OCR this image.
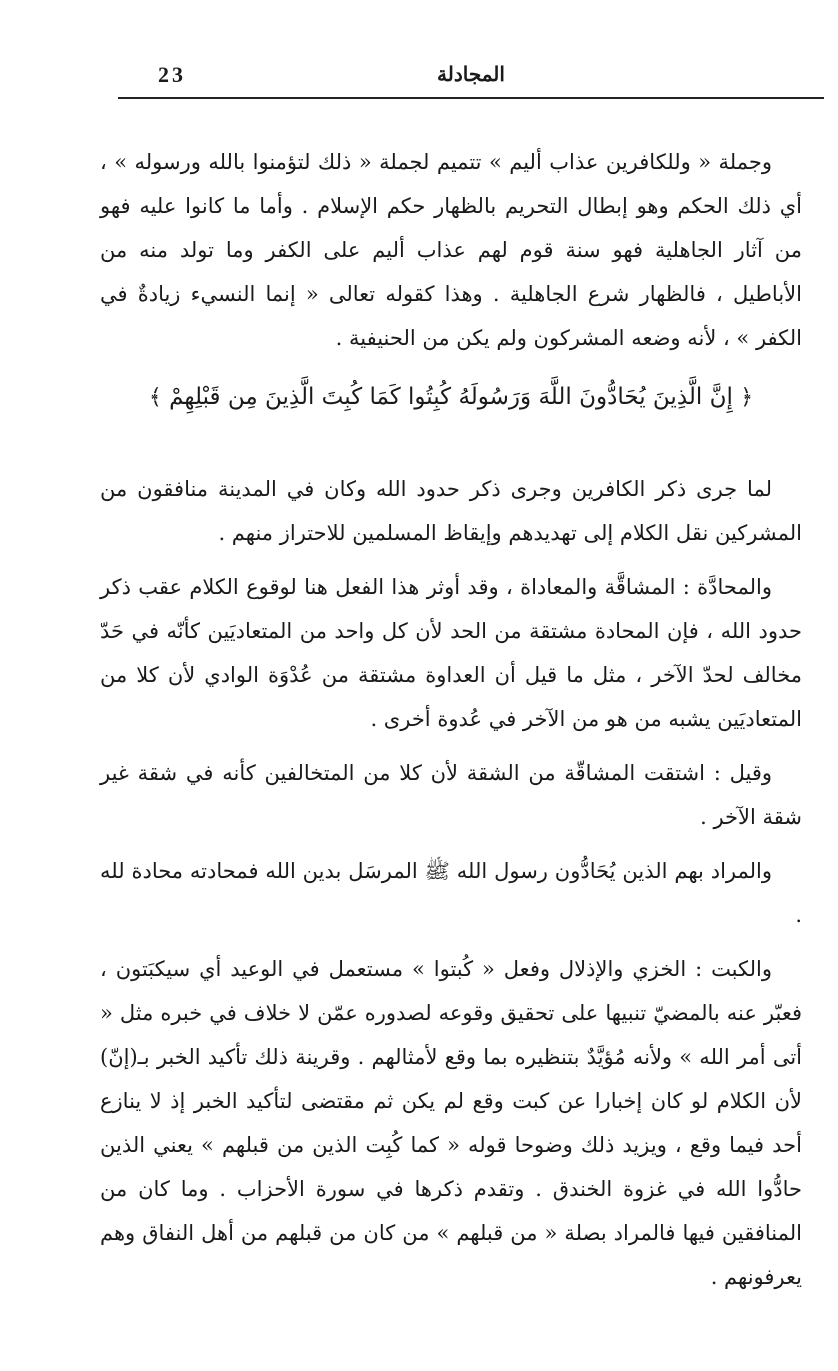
23	المجادلة

وجملة « وللكافرين عذاب أليم » تتميم لجملة « ذلك لتؤمنوا بالله ورسوله » ، أي ذلك الحكم وهو إبطال التحريم بالظهار حكم الإسلام . وأما ما كانوا عليه فهو من آثار الجاهلية فهو سنة قوم لهم عذاب أليم على الكفر وما تولد منه من الأباطيل ، فالظهار شرع الجاهلية . وهذا كقوله تعالى « إنما النسيء زيادةٌ في الكفر » ، لأنه وضعه المشركون ولم يكن من الحنيفية .

﴿ إِنَّ الَّذِينَ يُحَادُّونَ اللَّهَ وَرَسُولَهُ كُبِتُوا كَمَا كُبِتَ الَّذِينَ مِن قَبْلِهِمْ ﴾

لما جرى ذكر الكافرين وجرى ذكر حدود الله وكان في المدينة منافقون من المشركين نقل الكلام إلى تهديدهم وإيقاظ المسلمين للاحتراز منهم .

والمحادَّة : المشاقَّة والمعاداة ، وقد أوثر هذا الفعل هنا لوقوع الكلام عقب ذكر حدود الله ، فإن المحادة مشتقة من الحد لأن كل واحد من المتعاديَين كأنّه في حَدّ مخالف لحدّ الآخر ، مثل ما قيل أن العداوة مشتقة من عُدْوَة الوادي لأن كلا من المتعاديَين يشبه من هو من الآخر في عُدوة أخرى .

وقيل : اشتقت المشاقّة من الشقة لأن كلا من المتخالفين كأنه في شقة غير شقة الآخر .

والمراد بهم الذين يُحَادُّون رسول الله ﷺ المرسَل بدين الله فمحادته محادة لله .

والكبت : الخزي والإذلال وفعل « كُبتوا » مستعمل في الوعيد أي سيكبَتون ، فعبّر عنه بالمضيّ تنبيها على تحقيق وقوعه لصدوره عمّن لا خلاف في خبره مثل « أتى أمر الله » ولأنه مُؤيَّدٌ بتنظيره بما وقع لأمثالهم . وقرينة ذلك تأكيد الخبر بـ(إنّ) لأن الكلام لو كان إخبارا عن كبت وقع لم يكن ثم مقتضى لتأكيد الخبر إذ لا ينازع أحد فيما وقع ، ويزيد ذلك وضوحا قوله « كما كُبِت الذين من قبلهم » يعني الذين حادُّوا الله في غزوة الخندق . وتقدم ذكرها في سورة الأحزاب . وما كان من المنافقين فيها فالمراد بصلة « من قبلهم » من كان من قبلهم من أهل النفاق وهم يعرفونهم .
